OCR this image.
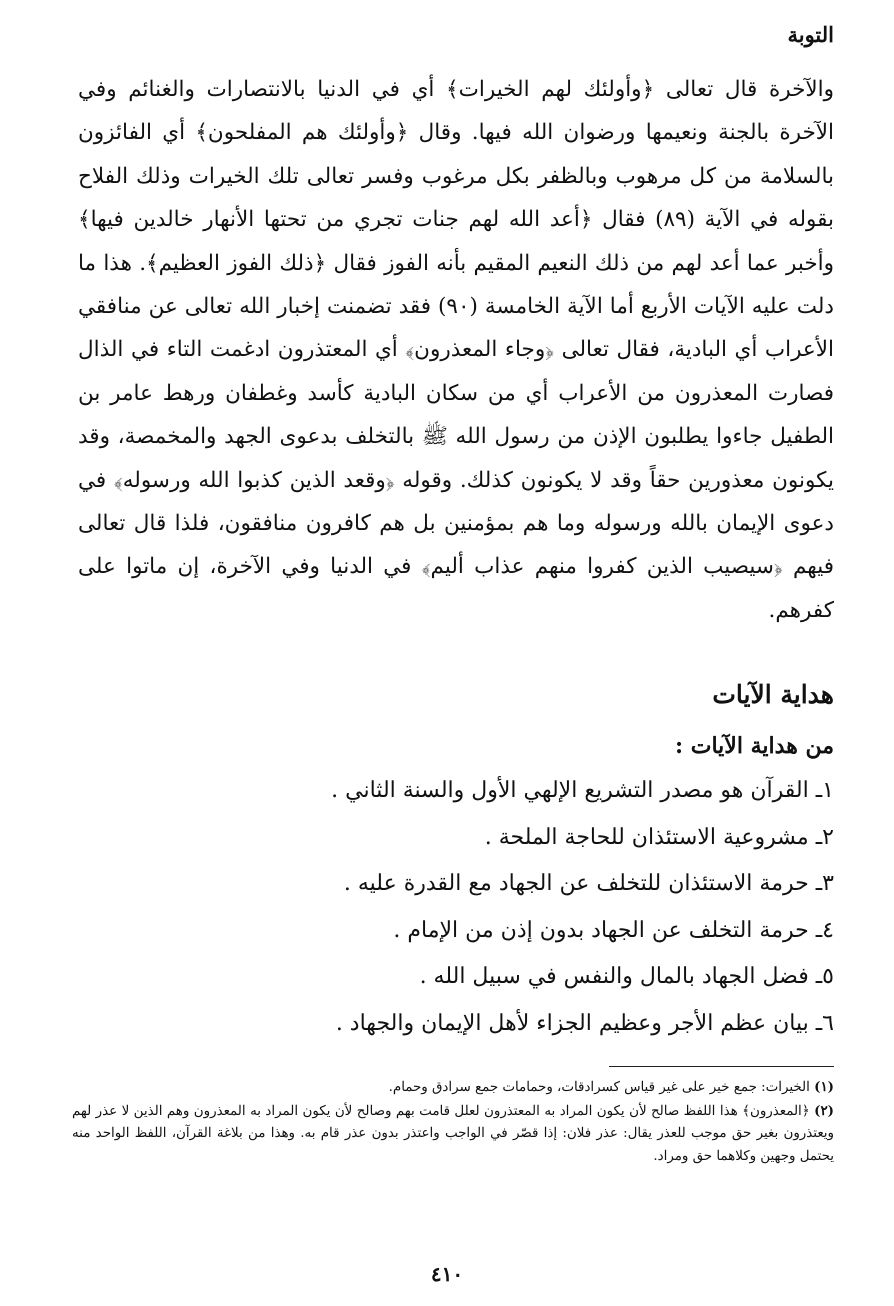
التوبة

والآخرة قال تعالى ﴿وأولئك لهم الخيرات﴾ أي في الدنيا بالانتصارات والغنائم وفي الآخرة بالجنة ونعيمها ورضوان الله فيها. وقال ﴿وأولئك هم المفلحون﴾ أي الفائزون بالسلامة من كل مرهوب وبالظفر بكل مرغوب وفسر تعالى تلك الخيرات وذلك الفلاح بقوله في الآية (٨٩) فقال ﴿أعد الله لهم جنات تجري من تحتها الأنهار خالدين فيها﴾ وأخبر عما أعد لهم من ذلك النعيم المقيم بأنه الفوز فقال ﴿ذلك الفوز العظيم﴾. هذا ما دلت عليه الآيات الأربع أما الآية الخامسة (٩٠) فقد تضمنت إخبار الله تعالى عن منافقي الأعراب أي البادية، فقال تعالى ﴿وجاء المعذرون﴾ أي المعتذرون ادغمت التاء في الذال فصارت المعذرون من الأعراب أي من سكان البادية كأسد وغطفان ورهط عامر بن الطفيل جاءوا يطلبون الإذن من رسول الله ﷺ بالتخلف بدعوى الجهد والمخمصة، وقد يكونون معذورين حقاً وقد لا يكونون كذلك. وقوله ﴿وقعد الذين كذبوا الله ورسوله﴾ في دعوى الإيمان بالله ورسوله وما هم بمؤمنين بل هم كافرون منافقون، فلذا قال تعالى فيهم ﴿سيصيب الذين كفروا منهم عذاب أليم﴾ في الدنيا وفي الآخرة، إن ماتوا على كفرهم.

هداية الآيات
من هداية الآيات :
١ـ القرآن هو مصدر التشريع الإلهي الأول والسنة الثاني .
٢ـ مشروعية الاستئذان للحاجة الملحة .
٣ـ حرمة الاستئذان للتخلف عن الجهاد مع القدرة عليه .
٤ـ حرمة التخلف عن الجهاد بدون إذن من الإمام .
٥ـ فضل الجهاد بالمال والنفس في سبيل الله .
٦ـ بيان عظم الأجر وعظيم الجزاء لأهل الإيمان والجهاد .

(١) الخيرات: جمع خير على غير قياس كسرادقات، وحمامات جمع سرادق وحمام.

(٢) ﴿المعذرون﴾ هذا اللفظ صالح لأن يكون المراد به المعتذرون لعلل قامت بهم وصالح لأن يكون المراد به المعذرون وهم الذين لا عذر لهم ويعتذرون بغير حق موجب للعذر يقال: عذر فلان: إذا قصّر في الواجب واعتذر بدون عذر قام به. وهذا من بلاغة القرآن، اللفظ الواحد منه يحتمل وجهين وكلاهما حق ومراد.

٤١٠
